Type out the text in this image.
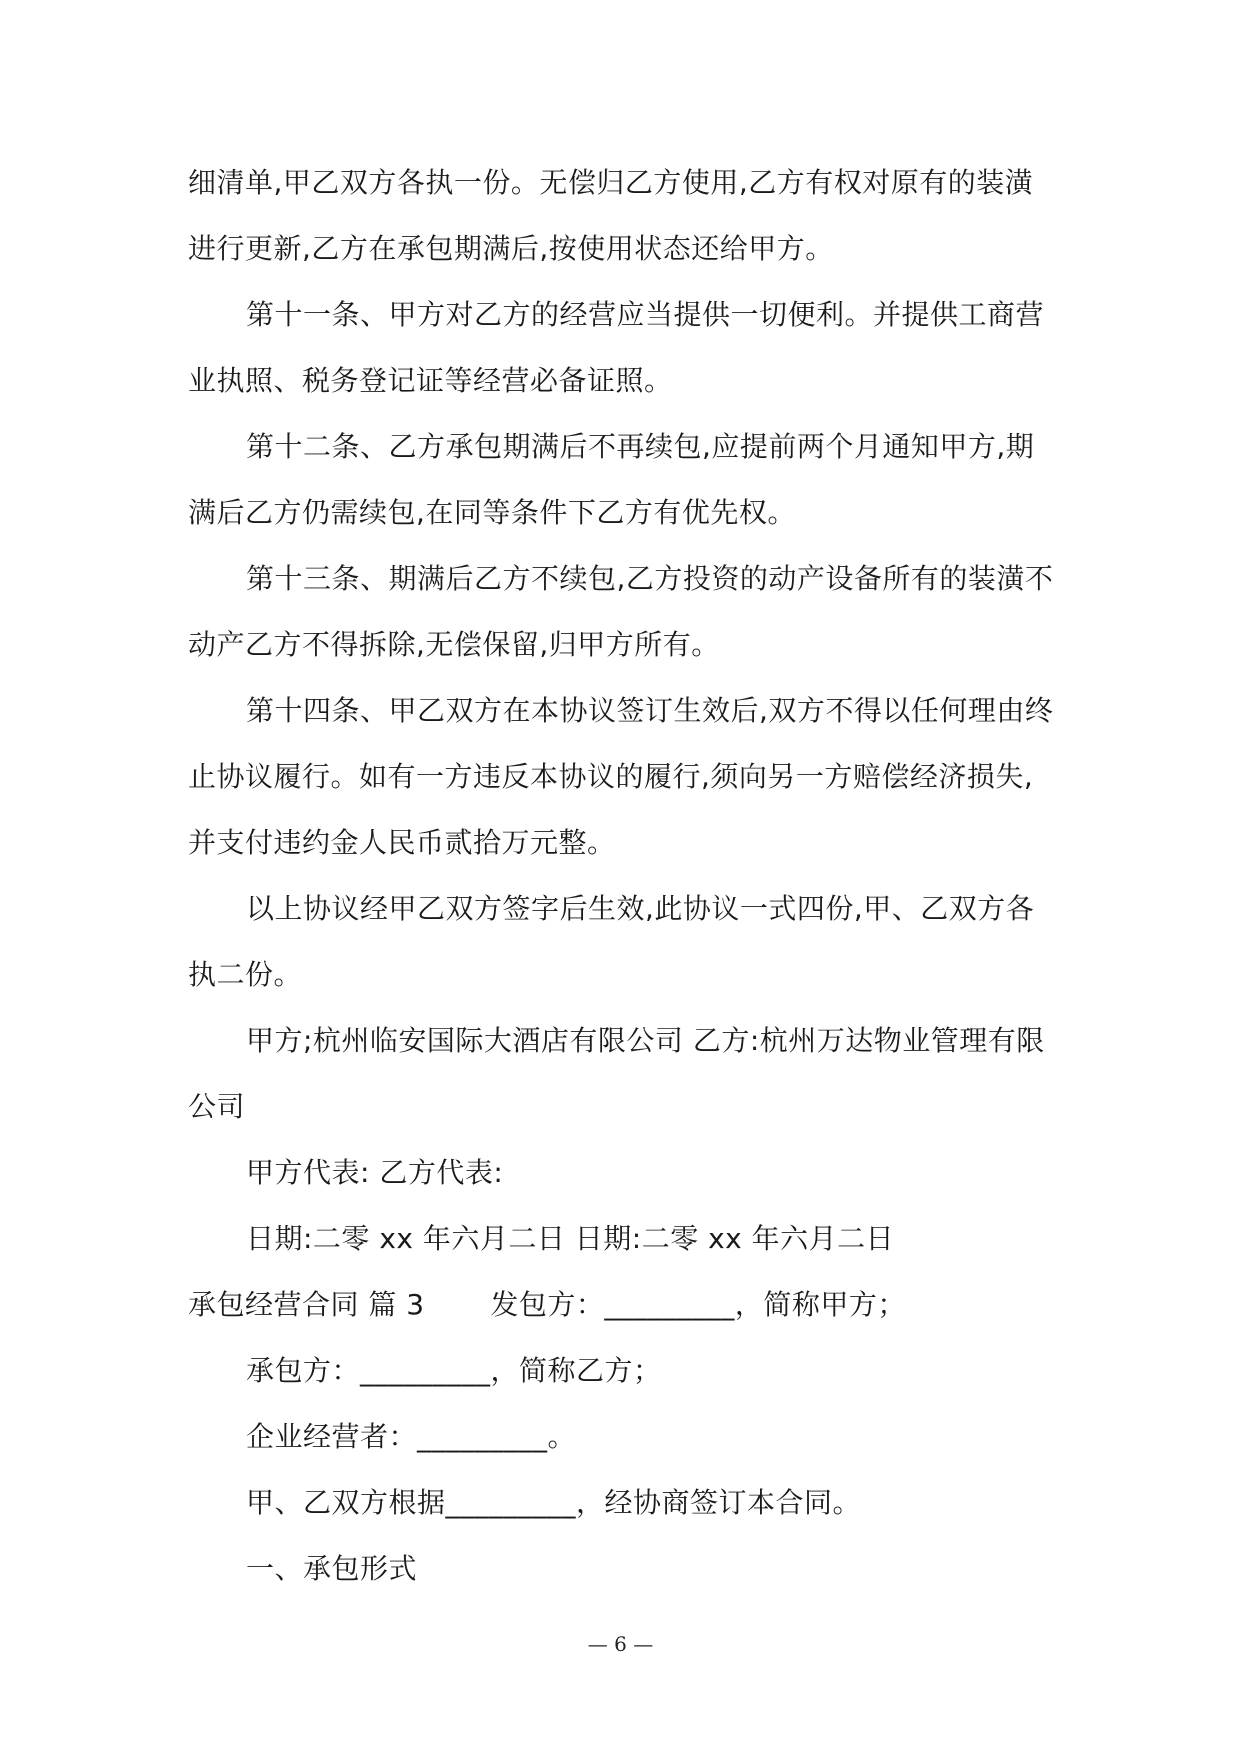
细清单,甲乙双方各执一份。无偿归乙方使用,乙方有权对原有的装潢进行更新,乙方在承包期满后,按使用状态还给甲方。

第十一条、甲方对乙方的经营应当提供一切便利。并提供工商营业执照、税务登记证等经营必备证照。

第十二条、乙方承包期满后不再续包,应提前两个月通知甲方,期满后乙方仍需续包,在同等条件下乙方有优先权。

第十三条、期满后乙方不续包,乙方投资的动产设备所有的装潢不动产乙方不得拆除,无偿保留,归甲方所有。

第十四条、甲乙双方在本协议签订生效后,双方不得以任何理由终止协议履行。如有一方违反本协议的履行,须向另一方赔偿经济损失,并支付违约金人民币贰拾万元整。

以上协议经甲乙双方签字后生效,此协议一式四份,甲、乙双方各执二份。

甲方;杭州临安国际大酒店有限公司 乙方:杭州万达物业管理有限公司

甲方代表: 乙方代表:

日期:二零 xx 年六月二日 日期:二零 xx 年六月二日

承包经营合同 篇 3       发包方：_________，简称甲方；

承包方：_________，简称乙方；

企业经营者：_________。

甲、乙双方根据_________，经协商签订本合同。

一、承包形式

— 6 —
